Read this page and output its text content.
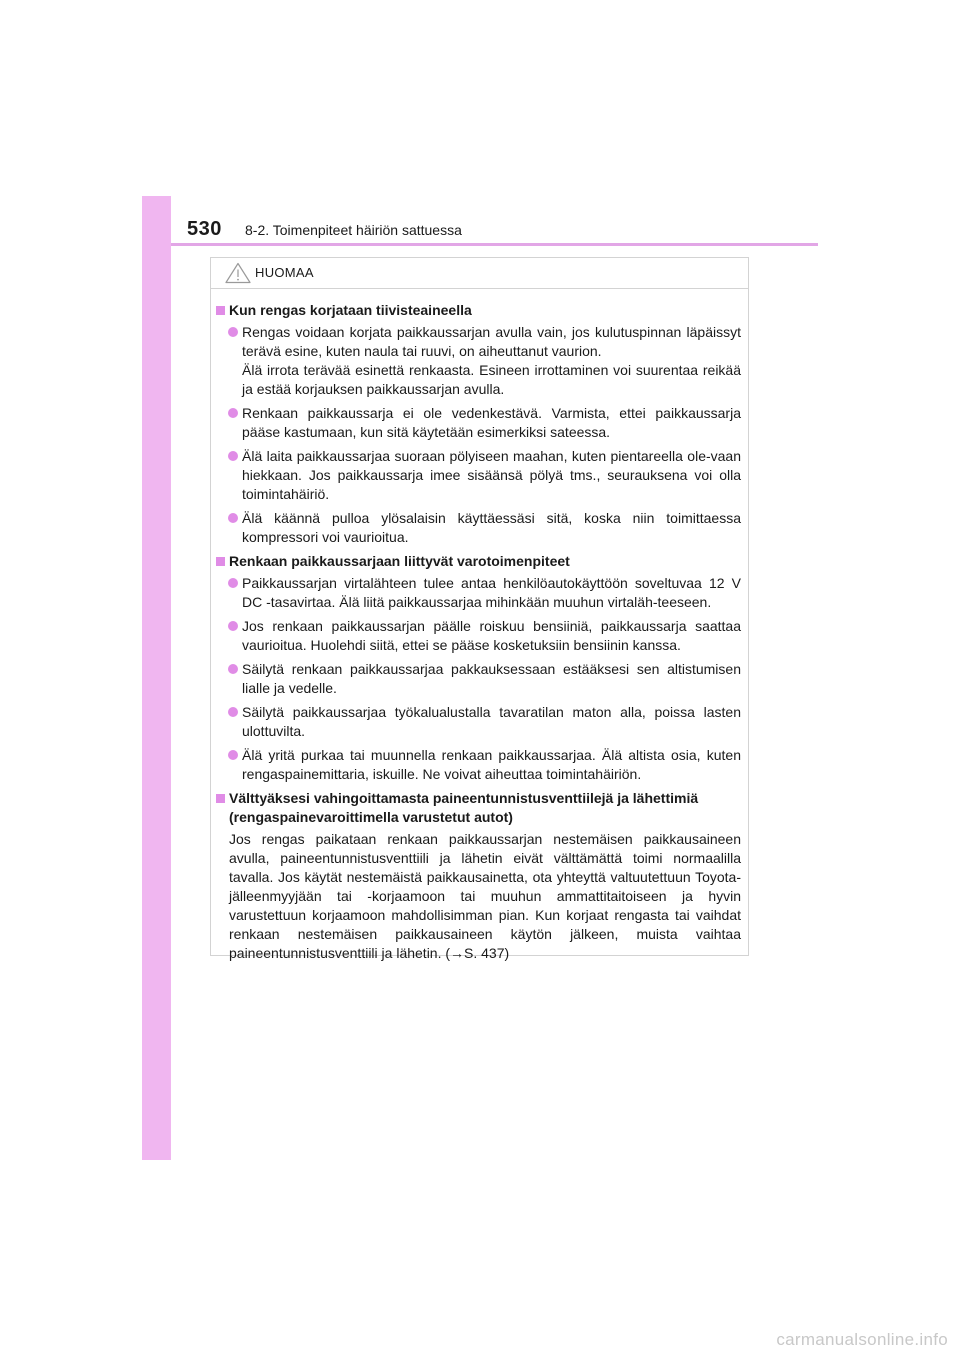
530 8-2. Toimenpiteet häiriön sattuessa
HUOMAA
Kun rengas korjataan tiivisteaineella

Rengas voidaan korjata paikkaussarjan avulla vain, jos kulutuspinnan läpäissyt terävä esine, kuten naula tai ruuvi, on aiheuttanut vaurion.

Älä irrota terävää esinettä renkaasta. Esineen irrottaminen voi suurentaa reikää ja estää korjauksen paikkaussarjan avulla.

Renkaan paikkaussarja ei ole vedenkestävä. Varmista, ettei paikkaussarja pääse kastumaan, kun sitä käytetään esimerkiksi sateessa.

Älä laita paikkaussarjaa suoraan pölyiseen maahan, kuten pientareella ole-vaan hiekkaan. Jos paikkaussarja imee sisäänsä pölyä tms., seurauksena voi olla toimintahäiriö.

Älä käännä pulloa ylösalaisin käyttäessäsi sitä, koska niin toimittaessa kompressori voi vaurioitua.

Renkaan paikkaussarjaan liittyvät varotoimenpiteet

Paikkaussarjan virtalähteen tulee antaa henkilöautokäyttöön soveltuvaa 12 V DC -tasavirtaa. Älä liitä paikkaussarjaa mihinkään muuhun virtaläh-teeseen.

Jos renkaan paikkaussarjan päälle roiskuu bensiiniä, paikkaussarja saattaa vaurioitua. Huolehdi siitä, ettei se pääse kosketuksiin bensiinin kanssa.

Säilytä renkaan paikkaussarjaa pakkauksessaan estääksesi sen altistumisen lialle ja vedelle.

Säilytä paikkaussarjaa työkalualustalla tavaratilan maton alla, poissa lasten ulottuvilta.

Älä yritä purkaa tai muunnella renkaan paikkaussarjaa. Älä altista osia, kuten rengaspainemittaria, iskuille. Ne voivat aiheuttaa toimintahäiriön.

Välttyäksesi vahingoittamasta paineentunnistusventtiilejä ja lähettimiä (rengaspainevaroittimella varustetut autot)
Jos rengas paikataan renkaan paikkaussarjan nestemäisen paikkausaineen avulla, paineentunnistusventtiili ja lähetin eivät välttämättä toimi normaalilla tavalla. Jos käytät nestemäistä paikkausainetta, ota yhteyttä valtuutettuun Toyota-jälleenmyyjään tai -korjaamoon tai muuhun ammattitaitoiseen ja hyvin varustettuun korjaamoon mahdollisimman pian. Kun korjaat rengasta tai vaihdat renkaan nestemäisen paikkausaineen käytön jälkeen, muista vaihtaa paineentunnistusventtiili ja lähetin. (→S. 437)
carmanualsonline.info
